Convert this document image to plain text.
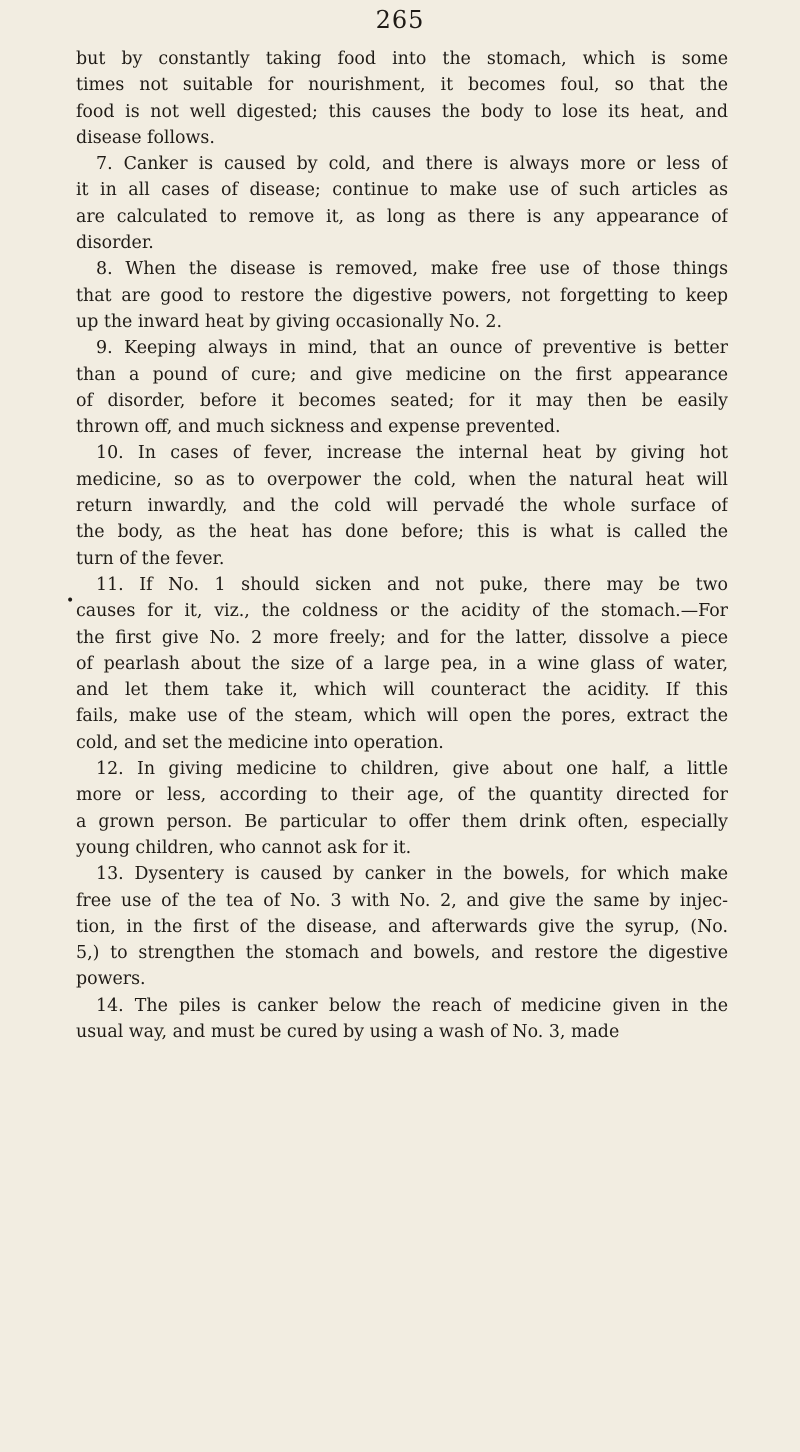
265
•
but by constantly taking food into the stomach, which is some
times not suitable for nourishment, it becomes foul, so that the
food is not well digested; this causes the body to lose its heat, and
disease follows.
7. Canker is caused by cold, and there is always more or less of
it in all cases of disease; continue to make use of such articles as
are calculated to remove it, as long as there is any appearance of
disorder.
8. When the disease is removed, make free use of those things
that are good to restore the digestive powers, not forgetting to keep
up the inward heat by giving occasionally No. 2.
9. Keeping always in mind, that an ounce of preventive is better
than a pound of cure; and give medicine on the first appearance
of disorder, before it becomes seated; for it may then be easily
thrown off, and much sickness and expense prevented.
10. In cases of fever, increase the internal heat by giving hot
medicine, so as to overpower the cold, when the natural heat will
return inwardly, and the cold will pervadé the whole surface of
the body, as the heat has done before; this is what is called the
turn of the fever.
11. If No. 1 should sicken and not puke, there may be two
causes for it, viz., the coldness or the acidity of the stomach.—For
the first give No. 2 more freely; and for the latter, dissolve a piece
of pearlash about the size of a large pea, in a wine glass of water,
and let them take it, which will counteract the acidity. If this
fails, make use of the steam, which will open the pores, extract the
cold, and set the medicine into operation.
12. In giving medicine to children, give about one half, a little
more or less, according to their age, of the quantity directed for
a grown person. Be particular to offer them drink often, especially
young children, who cannot ask for it.
13. Dysentery is caused by canker in the bowels, for which make
free use of the tea of No. 3 with No. 2, and give the same by injec-
tion, in the first of the disease, and afterwards give the syrup, (No.
5,) to strengthen the stomach and bowels, and restore the digestive
powers.
14. The piles is canker below the reach of medicine given in the
usual way, and must be cured by using a wash of No. 3, made
